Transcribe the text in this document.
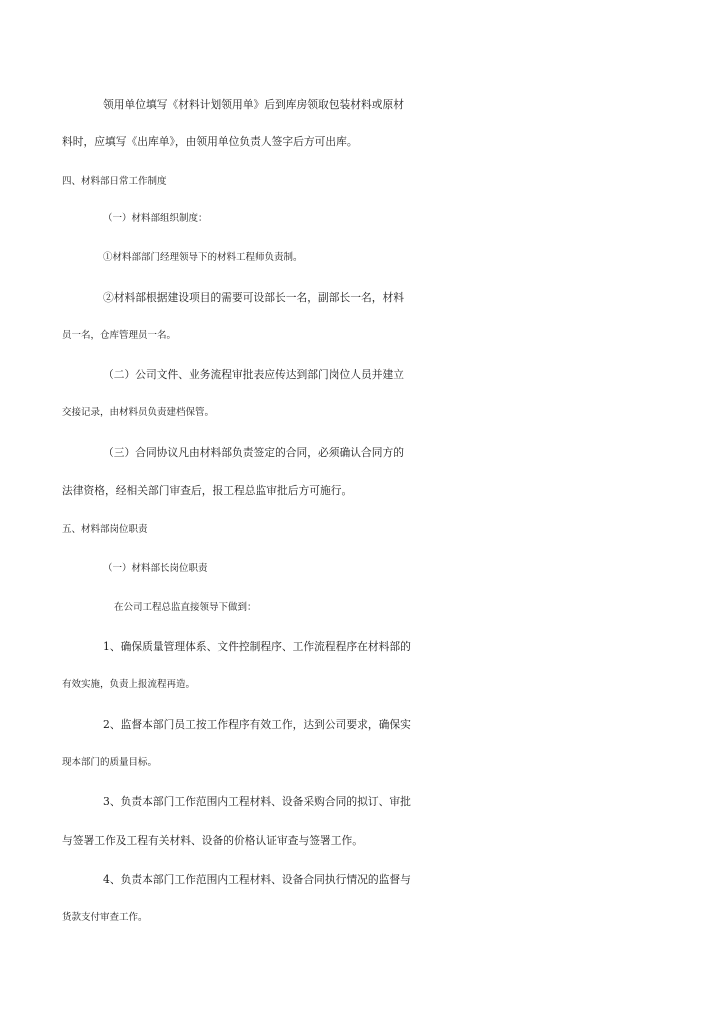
领用单位填写《材料计划领用单》后到库房领取包装材料或原材
料时，应填写《出库单》，由领用单位负责人签字后方可出库。
四、材料部日常工作制度
（一）材料部组织制度：
①材料部部门经理领导下的材料工程师负责制。
②材料部根据建设项目的需要可设部长一名，副部长一名，材料
员一名，仓库管理员一名。
（二）公司文件、业务流程审批表应传达到部门岗位人员并建立
交接记录，由材料员负责建档保管。
（三）合同协议凡由材料部负责签定的合同，必须确认合同方的
法律资格，经相关部门审查后，报工程总监审批后方可施行。
五、材料部岗位职责
（一）材料部长岗位职责
在公司工程总监直接领导下做到：
1、确保质量管理体系、文件控制程序、工作流程程序在材料部的
有效实施，负责上报流程再造。
2、监督本部门员工按工作程序有效工作，达到公司要求，确保实
现本部门的质量目标。
3、负责本部门工作范围内工程材料、设备采购合同的拟订、审批
与签署工作及工程有关材料、设备的价格认证审查与签署工作。
4、负责本部门工作范围内工程材料、设备合同执行情况的监督与
货款支付审查工作。
